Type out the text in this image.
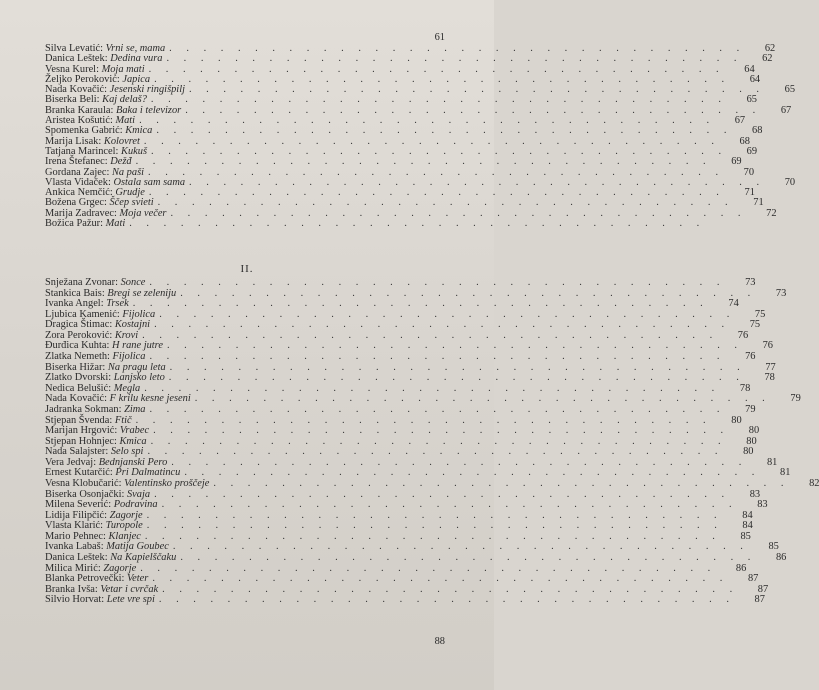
61
Silva Levatić : Vrni se, mama . . . . . . . . . . . . . . . . . . . . . . . . . . . . . . . . . .	62
Danica Leštek : Dedina vura . . . . . . . . . . . . . . . . . . . . . . . . . . . . . . . . . .	62
Vesna Kurel : Moja mati . . . . . . . . . . . . . . . . . . . . . . . . . . . . . . . . . .	64
Željko Peroković : Japica . . . . . . . . . . . . . . . . . . . . . . . . . . . . . . . . . .	64
Nada Kovačić : Jesenski ringišpilj . . . . . . . . . . . . . . . . . . . . . . . . . . . . . . . . . .	65
Biserka Beli : Kaj delaš? . . . . . . . . . . . . . . . . . . . . . . . . . . . . . . . . . .	65
Branka Karaula : Baka i televizor . . . . . . . . . . . . . . . . . . . . . . . . . . . . . . . . . .	67
Aristea Košutić : Mati . . . . . . . . . . . . . . . . . . . . . . . . . . . . . . . . . .	67
Spomenka Gabrić : Kmica . . . . . . . . . . . . . . . . . . . . . . . . . . . . . . . . . .	68
Marija Lisak : Kolovret . . . . . . . . . . . . . . . . . . . . . . . . . . . . . . . . . .	68
Tatjana Marincel : Kukuš . . . . . . . . . . . . . . . . . . . . . . . . . . . . . . . . . .	69
Irena Štefanec : Dežđ . . . . . . . . . . . . . . . . . . . . . . . . . . . . . . . . . .	69
Gordana Zajec : Na paši . . . . . . . . . . . . . . . . . . . . . . . . . . . . . . . . . .	70
Vlasta Vidaček : Ostala sam sama . . . . . . . . . . . . . . . . . . . . . . . . . . . . . . . . . .	70
Ankica Nemčić : Grudje . . . . . . . . . . . . . . . . . . . . . . . . . . . . . . . . . .	71
Božena Grgec : Ščep svieti . . . . . . . . . . . . . . . . . . . . . . . . . . . . . . . . . .	71
Marija Zadravec : Moja večer . . . . . . . . . . . . . . . . . . . . . . . . . . . . . . . . . .	72
Božica Pažur : Mati . . . . . . . . . . . . . . . . . . . . . . . . . . . . . . . . . .
II.
Snježana Zvonar : Sonce . . . . . . . . . . . . . . . . . . . . . . . . . . . . . . . . . .	73
Stankica Bais : Bregi se zeleniju . . . . . . . . . . . . . . . . . . . . . . . . . . . . . . . . . .	73
Ivanka Angel : Trsek . . . . . . . . . . . . . . . . . . . . . . . . . . . . . . . . . .	74
Ljubica Kamenić : Fijolica . . . . . . . . . . . . . . . . . . . . . . . . . . . . . . . . . .	75
Dragica Štimac : Kostajni . . . . . . . . . . . . . . . . . . . . . . . . . . . . . . . . . .	75
Zora Peroković : Krovi . . . . . . . . . . . . . . . . . . . . . . . . . . . . . . . . . .	76
Đurđica Kuhta : H rane jutre . . . . . . . . . . . . . . . . . . . . . . . . . . . . . . . . . .	76
Zlatka Nemeth : Fijolica . . . . . . . . . . . . . . . . . . . . . . . . . . . . . . . . . .	76
Biserka Hižar : Na pragu leta . . . . . . . . . . . . . . . . . . . . . . . . . . . . . . . . . .	77
Zlatko Dvorski : Lanjsko leto . . . . . . . . . . . . . . . . . . . . . . . . . . . . . . . . . .	78
Nedica Belušić : Megla . . . . . . . . . . . . . . . . . . . . . . . . . . . . . . . . . .	78
Nada Kovačić : F krilu kesne jeseni . . . . . . . . . . . . . . . . . . . . . . . . . . . . . . . . . .	79
Jadranka Sokman : Zima . . . . . . . . . . . . . . . . . . . . . . . . . . . . . . . . . .	79
Stjepan Švenda : Ftič . . . . . . . . . . . . . . . . . . . . . . . . . . . . . . . . . .	80
Marijan Hrgović : Vrabec . . . . . . . . . . . . . . . . . . . . . . . . . . . . . . . . . .	80
Stjepan Hohnjec : Kmica . . . . . . . . . . . . . . . . . . . . . . . . . . . . . . . . . .	80
Nada Salajster : Selo spi . . . . . . . . . . . . . . . . . . . . . . . . . . . . . . . . . .	80
Vera Jedvaj : Bednjanski Pero . . . . . . . . . . . . . . . . . . . . . . . . . . . . . . . . . .	81
Ernest Kutarčić : Pri Dalmatincu . . . . . . . . . . . . . . . . . . . . . . . . . . . . . . . . . .	81
Vesna Klobučarić : Valentinsko proščeje . . . . . . . . . . . . . . . . . . . . . . . . . . . . . . . . . .	82
Biserka Osonjački : Svaja . . . . . . . . . . . . . . . . . . . . . . . . . . . . . . . . . .	83
Milena Severić : Podravina . . . . . . . . . . . . . . . . . . . . . . . . . . . . . . . . . .	83
Lidija Filipčić : Zagorje . . . . . . . . . . . . . . . . . . . . . . . . . . . . . . . . . .	84
Vlasta Klarić : Turopole . . . . . . . . . . . . . . . . . . . . . . . . . . . . . . . . . .	84
Mario Pehnec : Klanjec . . . . . . . . . . . . . . . . . . . . . . . . . . . . . . . . . .	85
Ivanka Labaš : Matija Goubec . . . . . . . . . . . . . . . . . . . . . . . . . . . . . . . . . .	85
Danica Leštek : Na Kapielščaku . . . . . . . . . . . . . . . . . . . . . . . . . . . . . . . . . .	86
Milica Mirić : Zagorje . . . . . . . . . . . . . . . . . . . . . . . . . . . . . . . . . .	86
Blanka Petrovečki : Veter . . . . . . . . . . . . . . . . . . . . . . . . . . . . . . . . . .	87
Branka Ivša : Vetar i cvrčak . . . . . . . . . . . . . . . . . . . . . . . . . . . . . . . . . .	87
Silvio Horvat : Lete vre spi . . . . . . . . . . . . . . . . . . . . . . . . . . . . . . . . . .	87
88
